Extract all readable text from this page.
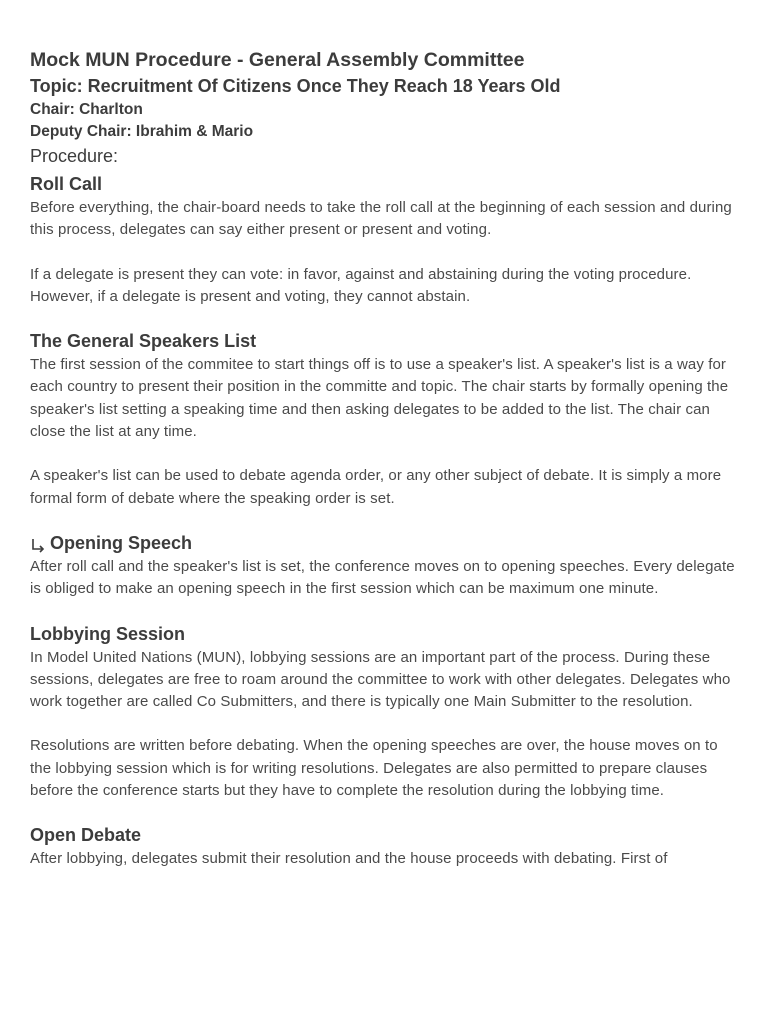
Mock MUN Procedure - General Assembly Committee
Topic: Recruitment Of Citizens Once They Reach 18 Years Old
Chair: Charlton
Deputy Chair: Ibrahim & Mario
Procedure:
Roll Call

Before everything, the chair-board needs to take the roll call at the beginning of each session and during this process, delegates can say either present or present and voting.

If a delegate is present they can vote: in favor, against and abstaining during the voting procedure. However, if a delegate is present and voting, they cannot abstain.

The General Speakers List

The first session of the commitee to start things off is to use a speaker's list. A speaker's list is a way for each country to present their position in the committe and topic. The chair starts by formally opening the speaker's list setting a speaking time and then asking delegates to be added to the list. The chair can close the list at any time.

A speaker's list can be used to debate agenda order, or any other subject of debate. It is simply a more formal form of debate where the speaking order is set.

Opening Speech

After roll call and the speaker's list is set, the conference moves on to opening speeches. Every delegate is obliged to make an opening speech in the first session which can be maximum one minute.

Lobbying Session

In Model United Nations (MUN), lobbying sessions are an important part of the process. During these sessions, delegates are free to roam around the committee to work with other delegates. Delegates who work together are called Co Submitters, and there is typically one Main Submitter to the resolution.

Resolutions are written before debating. When the opening speeches are over, the house moves on to the lobbying session which is for writing resolutions. Delegates are also permitted to prepare clauses before the conference starts but they have to complete the resolution during the lobbying time.

Open Debate

After lobbying, delegates submit their resolution and the house proceeds with debating. First of
